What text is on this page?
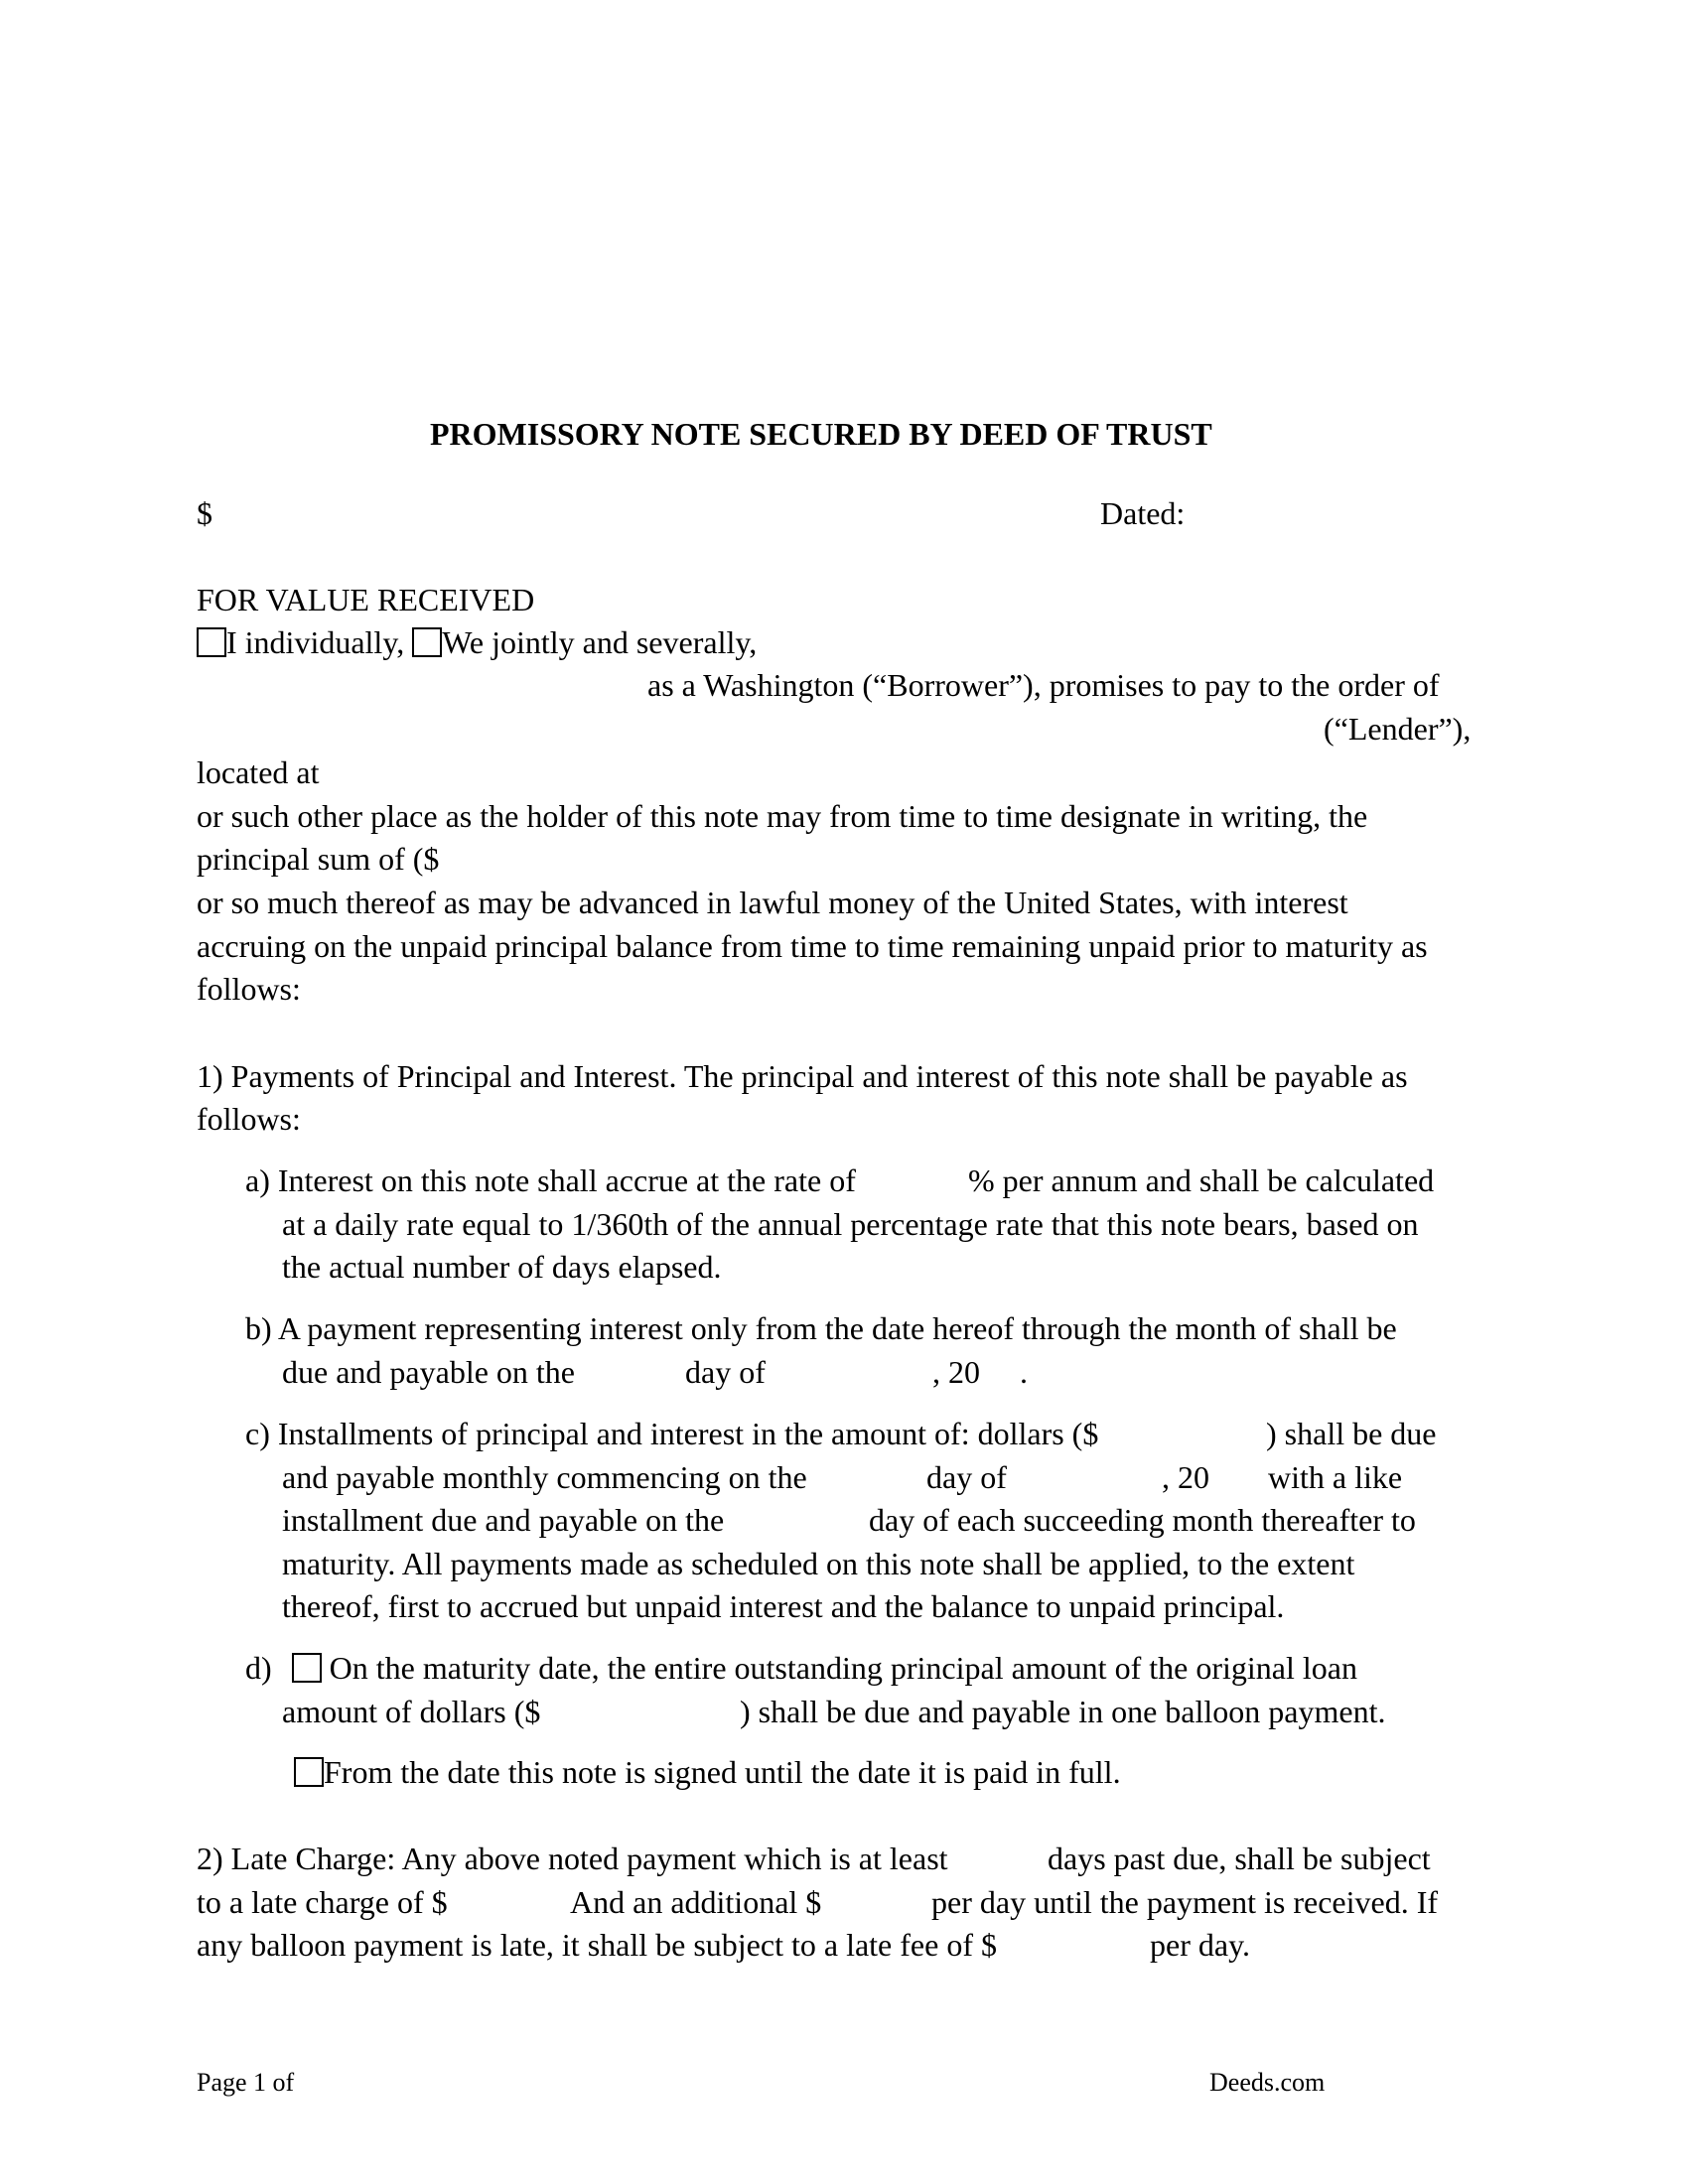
PROMISSORY NOTE SECURED BY DEED OF TRUST
$	Dated:
FOR VALUE RECEIVED
I individually, We jointly and severally,
as a Washington (“Borrower”), promises to pay to the order of
(“Lender”),
located at
or such other place as the holder of this note may from time to time designate in writing, the
principal sum of ($
or so much thereof as may be advanced in lawful money of the United States, with interest
accruing on the unpaid principal balance from time to time remaining unpaid prior to maturity as
follows:
1) Payments of Principal and Interest. The principal and interest of this note shall be payable as
follows:
a) Interest on this note shall accrue at the rate of	% per annum and shall be calculated
at a daily rate equal to 1/360th of the annual percentage rate that this note bears, based on
the actual number of days elapsed.
b) A payment representing interest only from the date hereof through the month of shall be
due and payable on the	day of	, 20 .
c) Installments of principal and interest in the amount of: dollars ($	) shall be due
and payable monthly commencing on the	day of	, 20 with a like
installment due and payable on the	day of each succeeding month thereafter to
maturity. All payments made as scheduled on this note shall be applied, to the extent
thereof, first to accrued but unpaid interest and the balance to unpaid principal.
d) On the maturity date, the entire outstanding principal amount of the original loan
amount of dollars ($	) shall be due and payable in one balloon payment.
From the date this note is signed until the date it is paid in full.
2) Late Charge: Any above noted payment which is at least	days past due, shall be subject
to a late charge of $	And an additional $	per day until the payment is received. If
any balloon payment is late, it shall be subject to a late fee of $	per day.
Page 1 of	Deeds.com
